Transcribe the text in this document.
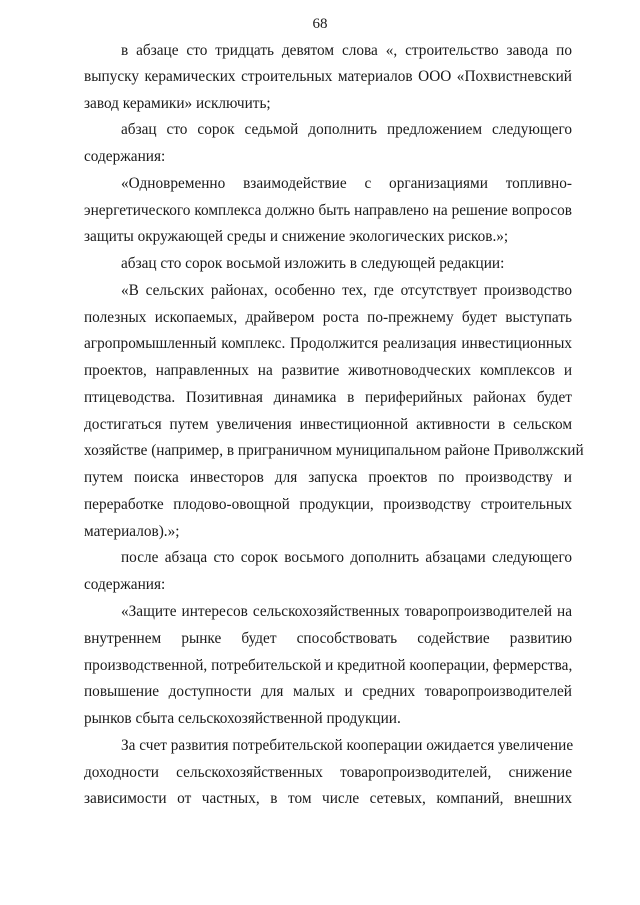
68
в абзаце сто тридцать девятом слова «, строительство завода по
выпуску керамических строительных материалов ООО «Похвистневский
завод керамики» исключить;
абзац сто сорок седьмой дополнить предложением следующего
содержания:
«Одновременно взаимодействие с организациями топливно-
энергетического комплекса должно быть направлено на решение вопросов
защиты окружающей среды и снижение экологических рисков.»;
абзац сто сорок восьмой изложить в следующей редакции:
«В сельских районах, особенно тех, где отсутствует производство
полезных ископаемых, драйвером роста по-прежнему будет выступать
агропромышленный комплекс. Продолжится реализация инвестиционных
проектов, направленных на развитие животноводческих комплексов и
птицеводства. Позитивная динамика в периферийных районах будет
достигаться путем увеличения инвестиционной активности в сельском
хозяйстве (например, в приграничном муниципальном районе Приволжский
путем поиска инвесторов для запуска проектов по производству и
переработке плодово-овощной продукции, производству строительных
материалов).»;
после абзаца сто сорок восьмого дополнить абзацами следующего
содержания:
«Защите интересов сельскохозяйственных товаропроизводителей на
внутреннем рынке будет способствовать содействие развитию
производственной, потребительской и кредитной кооперации, фермерства,
повышение доступности для малых и средних товаропроизводителей
рынков сбыта сельскохозяйственной продукции.
За счет развития потребительской кооперации ожидается увеличение
доходности сельскохозяйственных товаропроизводителей, снижение
зависимости от частных, в том числе сетевых, компаний, внешних
